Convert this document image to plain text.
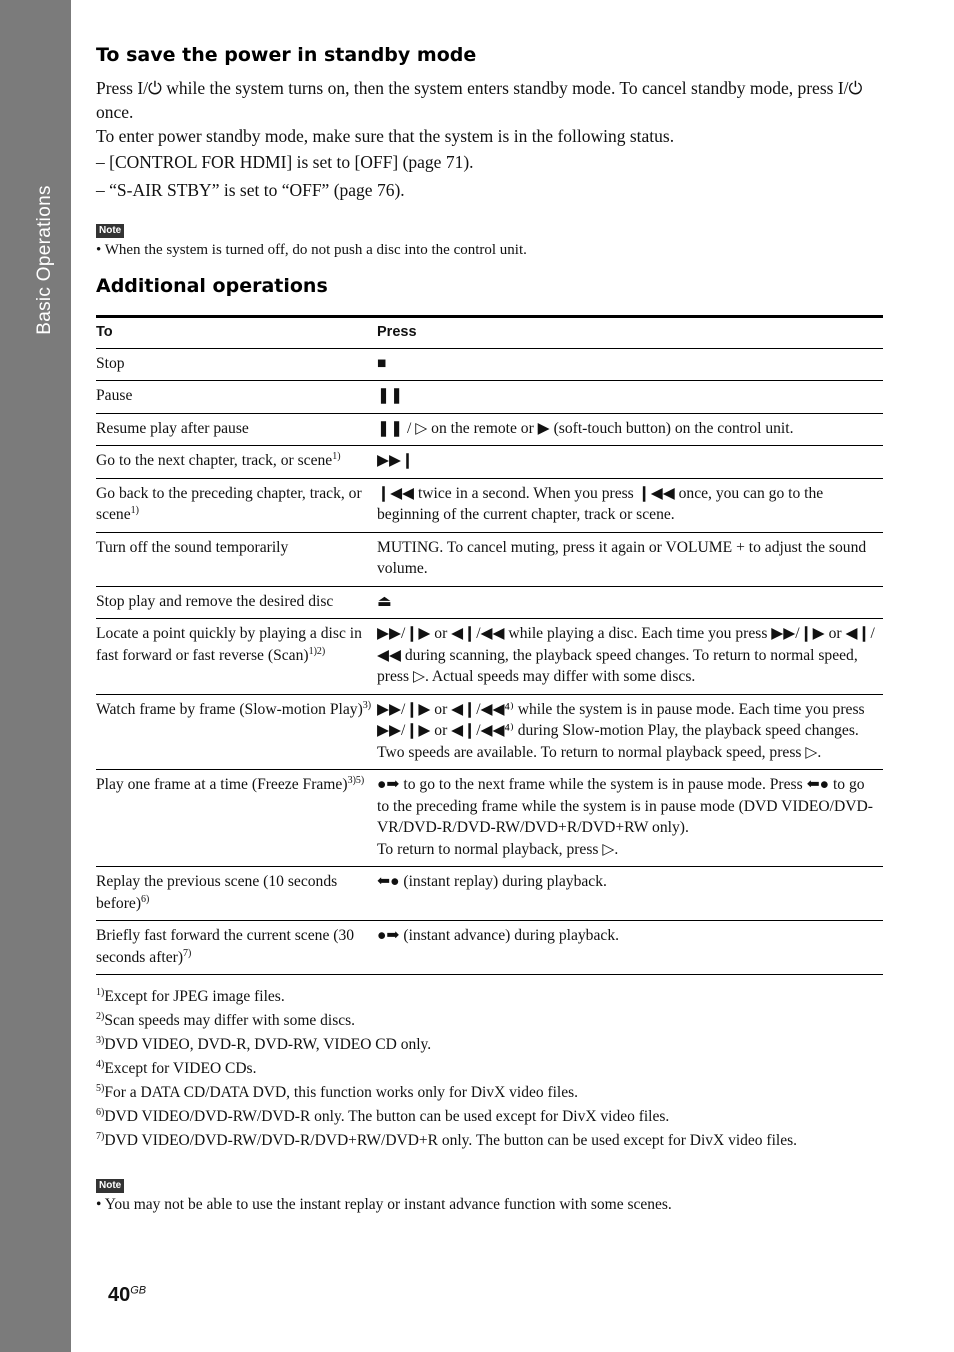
Basic Operations
To save the power in standby mode

Press I/⏻ while the system turns on, then the system enters standby mode. To cancel standby mode, press I/⏻ once.

To enter power standby mode, make sure that the system is in the following status.

– [CONTROL FOR HDMI] is set to [OFF] (page 71).
– “S-AIR STBY” is set to “OFF” (page 76).
Note

• When the system is turned off, do not push a disc into the control unit.

Additional operations
To	Press
Stop	■

Pause	❚❚

Resume play after pause	❚❚ / ▷ on the remote or ▶ (soft-touch button) on the control unit.

Go to the next chapter, track, or scene$^{1)}$	▶▶❙

Go back to the preceding chapter, track, or scene$^{1)}$	❙◀◀ twice in a second. When you press ❙◀◀ once, you can go to the beginning of the current chapter, track or scene.

Turn off the sound temporarily	MUTING. To cancel muting, press it again or VOLUME + to adjust the sound volume.

Stop play and remove the desired disc	⏏

Locate a point quickly by playing a disc in fast forward or fast reverse (Scan)$^{1)2)}$	▶▶/❙▶ or ◀❙/◀◀ while playing a disc. Each time you press ▶▶/❙▶ or ◀❙/◀◀ during scanning, the playback speed changes. To return to normal speed, press ▷. Actual speeds may differ with some discs.

Watch frame by frame (Slow-motion Play)$^{3)}$	▶▶/❙▶ or ◀❙/◀◀⁴⁾ while the system is in pause mode. Each time you press ▶▶/❙▶ or ◀❙/◀◀⁴⁾ during Slow-motion Play, the playback speed changes. Two speeds are available. To return to normal playback speed, press ▷.

Play one frame at a time (Freeze Frame)$^{3)5)}$	●➡ to go to the next frame while the system is in pause mode. Press ⬅● to go to the preceding frame while the system is in pause mode (DVD VIDEO/DVD-VR/DVD-R/DVD-RW/DVD+R/DVD+RW only).
To return to normal playback, press ▷.

Replay the previous scene (10 seconds before)$^{6)}$	⬅● (instant replay) during playback.

Briefly fast forward the current scene (30 seconds after)$^{7)}$	●➡ (instant advance) during playback.

$^{1)}$Except for JPEG image files.

$^{2)}$Scan speeds may differ with some discs.

$^{3)}$DVD VIDEO, DVD-R, DVD-RW, VIDEO CD only.

$^{4)}$Except for VIDEO CDs.

$^{5)}$For a DATA CD/DATA DVD, this function works only for DivX video files.

$^{6)}$DVD VIDEO/DVD-RW/DVD-R only. The button can be used except for DivX video files.

$^{7)}$DVD VIDEO/DVD-RW/DVD-R/DVD+RW/DVD+R only. The button can be used except for DivX video files.

Note

• You may not be able to use the instant replay or instant advance function with some scenes.

$40^{GB}$
